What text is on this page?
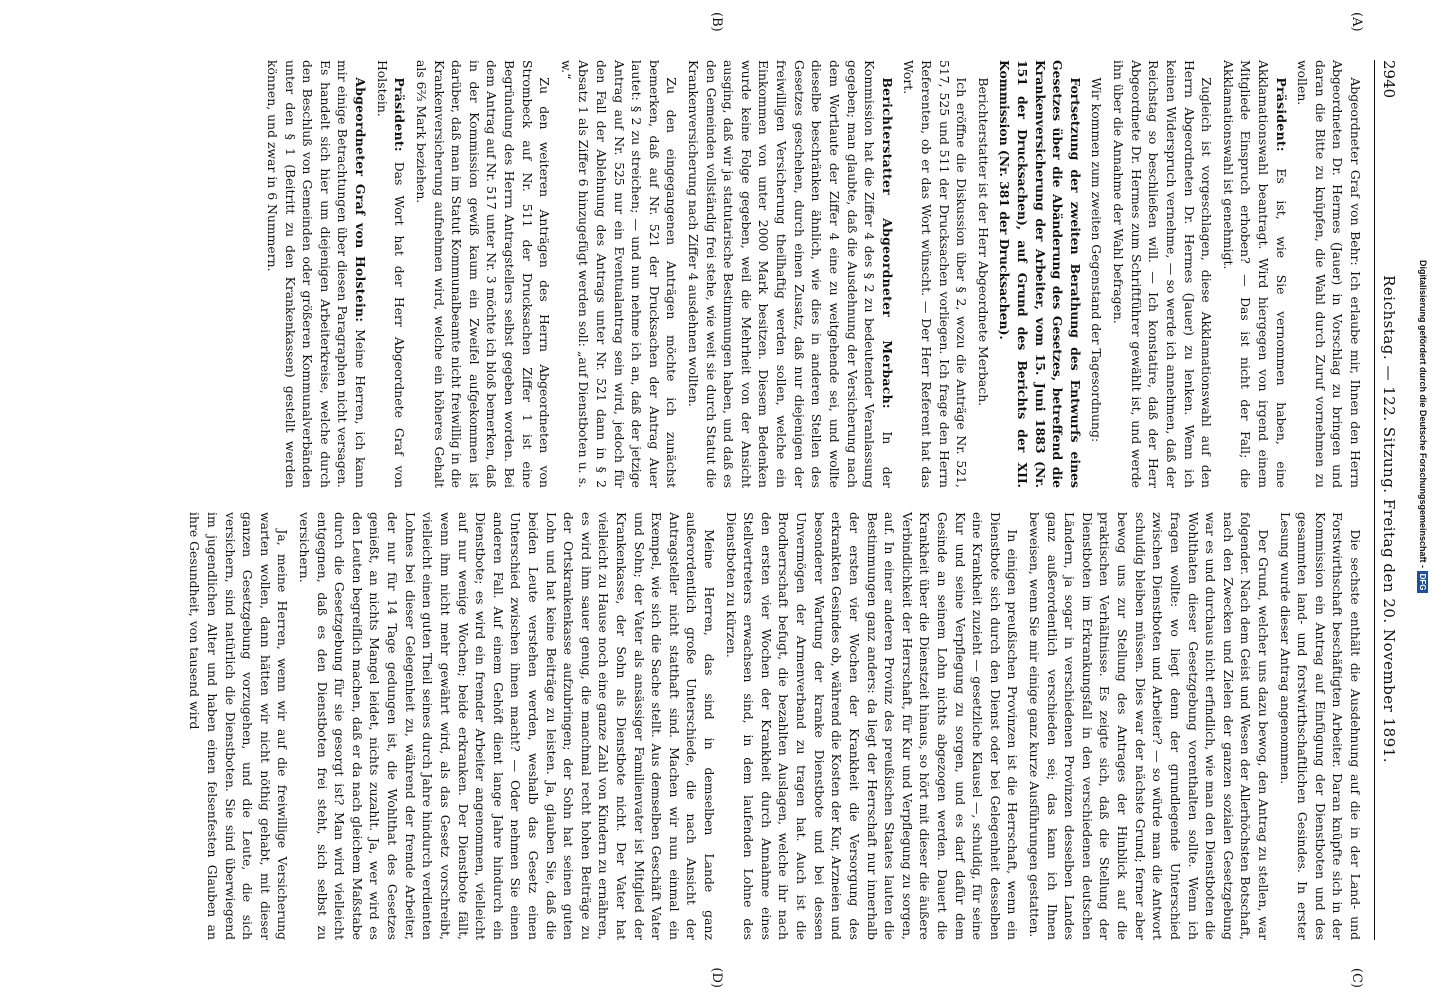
2940
Reichstag. — 122. Sitzung. Freitag den 20. November 1891.

Abgeordneter Graf von Behr: Ich erlaube mir, Ihnen den Herrn Abgeordneten Dr. Hermes (Jauer) in Vorschlag zu bringen und daran die Bitte zu knüpfen, die Wahl durch Zuruf vornehmen zu wollen.

Präsident: Es ist, wie Sie vernommen haben, eine Akklamationswahl beantragt. Wird hiergegen von irgend einem Mitgliede Einspruch erhoben? — Das ist nicht der Fall; die Akklamationswahl ist genehmigt.

Zugleich ist vorgeschlagen, diese Akklamationswahl auf den Herrn Abgeordneten Dr. Hermes (Jauer) zu lenken. Wenn ich keinen Widerspruch vernehme, — so werde ich annehmen, daß der Reichstag so beschließen will. — Ich konstatire, daß der Herr Abgeordnete Dr. Hermes zum Schriftführer gewählt ist, und werde ihn über die Annahme der Wahl befragen.

Wir kommen zum zweiten Gegenstand der Tagesordnung:

Fortsetzung der zweiten Berathung des Entwurfs eines Gesetzes über die Abänderung des Gesetzes, betreffend die Krankenversicherung der Arbeiter, vom 15. Juni 1883 (Nr. 151 der Drucksachen), auf Grund des Berichts der XII. Kommission (Nr. 381 der Drucksachen).

Berichterstatter ist der Herr Abgeordnete Merbach.

Ich eröffne die Diskussion über § 2, wozu die Anträge Nr. 521, 517, 525 und 511 der Drucksachen vorliegen. Ich frage den Herrn Referenten, ob er das Wort wünscht. — Der Herr Referent hat das Wort.

Berichterstatter Abgeordneter Merbach: In der Kommission hat die Ziffer 4 des § 2 zu bedeutender Veranlassung gegeben; man glaubte, daß die Ausdehnung der Versicherung nach dem Wortlaute der Ziffer 4 eine zu weitgehende sei, und wollte dieselbe beschränken ähnlich, wie dies in anderen Stellen des Gesetzes geschehen, durch einen Zusatz, daß nur diejenigen der freiwilligen Versicherung theilhaftig werden sollen, welche ein Einkommen von unter 2000 Mark besitzen. Diesem Bedenken wurde keine Folge gegeben, weil die Mehrheit von der Ansicht ausging, daß wir ja statutarische Bestimmungen haben, und daß es den Gemeinden vollständig frei stehe, wie weit sie durch Statut die Krankenversicherung nach Ziffer 4 ausdehnen wollten.

Zu den eingegangenen Anträgen möchte ich zunächst bemerken, daß auf Nr. 521 der Drucksachen der Antrag Auer lautet: § 2 zu streichen; — und nun nehme ich an, daß der jetzige Antrag auf Nr. 525 nur ein Eventualantrag sein wird, jedoch für den Fall der Ablehnung des Antrags unter Nr. 521 dann in § 2 Absatz 1 als Ziffer 6 hinzugefügt werden soll: „auf Dienstboten u. s. w.“

Zu den weiteren Anträgen des Herrn Abgeordneten von Strombeck auf Nr. 511 der Drucksachen Ziffer 1 ist eine Begründung des Herrn Antragstellers selbst gegeben worden. Bei dem Antrag auf Nr. 517 unter Nr. 3 möchte ich bloß bemerken, daß in der Kommission gewiß kaum ein Zweifel aufgekommen ist darüber, daß man im Statut Kommunalbeamte nicht freiwillig in die Krankenversicherung aufnehmen wird, welche ein höheres Gehalt als 6⅔ Mark beziehen.

Präsident: Das Wort hat der Herr Abgeordnete Graf von Holstein.

Abgeordneter Graf von Holstein: Meine Herren, ich kann mir einige Betrachtungen über diesen Paragraphen nicht versagen. Es handelt sich hier um diejenigen Arbeiterkreise, welche durch den Beschluß von Gemeinden oder größeren Kommunalverbänden unter den § 1 (Beitritt zu den Krankenkassen) gestellt werden können, und zwar in 6 Nummern.

Die sechste enthält die Ausdehnung auf die in der Land- und Forstwirthschaft beschäftigten Arbeiter. Daran knüpfte sich in der Kommission ein Antrag auf Einfügung der Dienstboten und des gesammten land- und forstwirthschaftlichen Gesindes. In erster Lesung wurde dieser Antrag angenommen.

Der Grund, welcher uns dazu bewog, den Antrag zu stellen, war folgender. Nach dem Geist und Wesen der Allerhöchsten Botschaft, nach den Zwecken und Zielen der ganzen sozialen Gesetzgebung war es und durchaus nicht erfindlich, wie man den Dienstboten die Wohlthaten dieser Gesetzgebung vorenthalten sollte. Wenn ich fragen wollte: wo liegt denn der grundlegende Unterschied zwischen Dienstboten und Arbeiter? — so würde man die Antwort schuldig bleiben müssen. Dies war der nächste Grund; ferner aber bewog uns zur Stellung des Antrages der Hinblick auf die praktischen Verhältnisse. Es zeigte sich, daß die Stellung der Dienstboten im Erkrankungsfall in den verschiedenen deutschen Ländern, ja sogar in verschiedenen Provinzen desselben Landes ganz außerordentlich verschieden sei; das kann ich Ihnen beweisen, wenn Sie mir einige ganz kurze Ausführungen gestatten.

In einigen preußischen Provinzen ist die Herrschaft, wenn ein Dienstbote sich durch den Dienst oder bei Gelegenheit desselben eine Krankheit zuzieht — gesetzliche Klausel —, schuldig, für seine Kur und seine Verpflegung zu sorgen, und es darf dafür dem Gesinde an seinem Lohn nichts abgezogen werden. Dauert die Krankheit über die Dienstzeit hinaus, so hört mit dieser die äußere Verbindlichkeit der Herrschaft, für Kur und Verpflegung zu sorgen, auf. In einer anderen Provinz des preußischen Staates lauten die Bestimmungen ganz anders: da liegt der Herrschaft nur innerhalb der ersten vier Wochen der Krankheit die Versorgung des erkrankten Gesindes ob, während die Kosten der Kur, Arzneien und besonderer Wartung der kranke Dienstbote und bei dessen Unvermögen der Armenverband zu tragen hat. Auch ist die Brodherrschaft befugt, die bezahlten Auslagen, welche ihr nach den ersten vier Wochen der Krankheit durch Annahme eines Stellvertreters erwachsen sind, in dem laufenden Lohne des Dienstboten zu kürzen.

Meine Herren, das sind in demselben Lande ganz außerordentlich große Unterschiede, die nach Ansicht der Antragsteller nicht statthaft sind. Machen wir nun einmal ein Exempel, wie sich die Sache stellt. Aus demselben Geschäft Vater und Sohn; der Vater als ansässiger Familienvater ist Mitglied der Krankenkasse, der Sohn als Dienstbote nicht. Der Vater hat vielleicht zu Hause noch eine ganze Zahl von Kindern zu ernähren, es wird ihm sauer genug, die manchmal recht hohen Beiträge zu der Ortskrankenkasse aufzubringen; der Sohn hat seinen guten Lohn und hat keine Beiträge zu leisten. Ja, glauben Sie, daß die beiden Leute verstehen werden, weshalb das Gesetz einen Unterschied zwischen ihnen macht? — Oder nehmen Sie einen anderen Fall. Auf einem Gehöft dient lange Jahre hindurch ein Dienstbote; es wird ein fremder Arbeiter angenommen, vielleicht auf nur wenige Wochen; beide erkranken. Der Dienstbote fällt, wenn ihm nicht mehr gewährt wird, als das Gesetz vorschreibt, vielleicht einen guten Theil seines durch Jahre hindurch verdienten Lohnes bei dieser Gelegenheit zu, während der fremde Arbeiter, der nur für 14 Tage gedungen ist, die Wohlthat des Gesetzes genießt, an nichts Mangel leidet, nichts zuzahlt. Ja, wer wird es den Leuten begreiflich machen, daß er da nach gleichem Maßstabe durch die Gesetzgebung für sie gesorgt ist? Man wird vielleicht entgegnen, daß es den Dienstboten frei steht, sich selbst zu versichern.

Ja, meine Herren, wenn wir auf die freiwillige Versicherung warten wollen, dann hätten wir nicht nöthig gehabt, mit dieser ganzen Gesetzgebung vorzugehen, und die Leute, die sich versichern, sind natürlich die Dienstboten. Sie sind überwiegend im jugendlichen Alter und haben einen felsenfesten Glauben an ihre Gesundheit, von tausend wird

(A)
(B)
(C)
(D)
Digitalisierung gefördert durch die Deutsche Forschungsgemeinschaft - DFG
